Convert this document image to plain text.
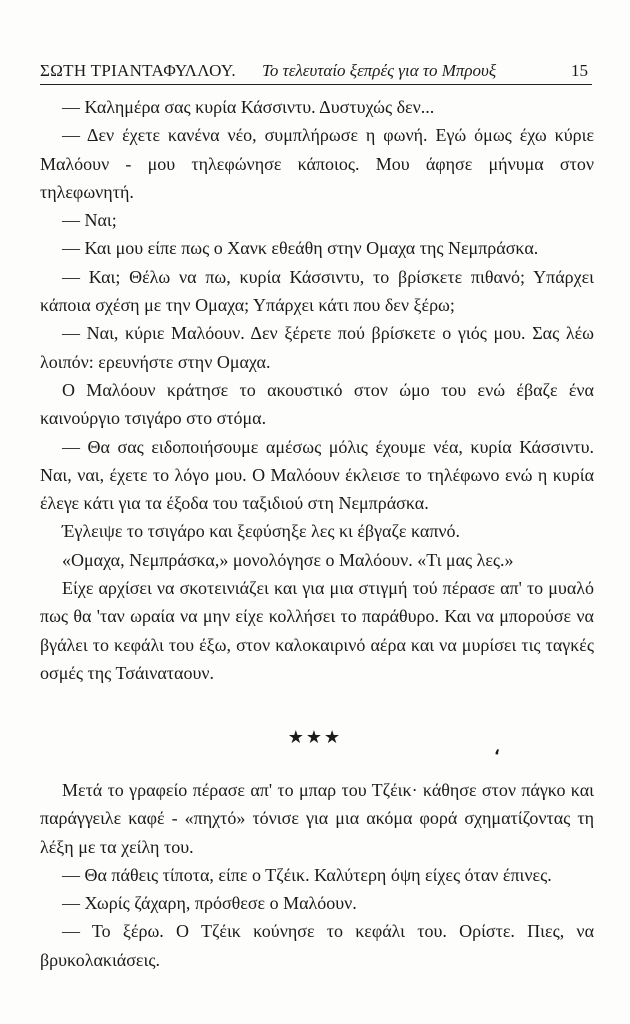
ΣΩΤΗ ΤΡΙΑΝΤΑΦΥΛΛΟΥ. Το τελευταίο ξεπρές για το Μπρουξ	15

— Καλημέρα σας κυρία Κάσσιντυ. Δυστυχώς δεν...

— Δεν έχετε κανένα νέο, συμπλήρωσε η φωνή. Εγώ όμως έχω κύριε Μαλόουν - μου τηλεφώνησε κάποιος. Μου άφησε μήνυμα στον τηλεφωνητή.

— Ναι;

— Και μου είπε πως ο Χανκ εθεάθη στην Ομαχα της Νεμπράσκα.

— Και; Θέλω να πω, κυρία Κάσσιντυ, το βρίσκετε πιθανό; Υπάρχει κάποια σχέση με την Ομαχα; Υπάρχει κάτι που δεν ξέρω;

— Ναι, κύριε Μαλόουν. Δεν ξέρετε πού βρίσκετε ο γιός μου. Σας λέω λοιπόν: ερευνήστε στην Ομαχα.

Ο Μαλόουν κράτησε το ακουστικό στον ώμο του ενώ έβαζε ένα καινούργιο τσιγάρο στο στόμα.

— Θα σας ειδοποιήσουμε αμέσως μόλις έχουμε νέα, κυρία Κάσσιντυ. Ναι, ναι, έχετε το λόγο μου. Ο Μαλόουν έκλεισε το τηλέφωνο ενώ η κυρία έλεγε κάτι για τα έξοδα του ταξιδιού στη Νεμπράσκα.

Έγλειψε το τσιγάρο και ξεφύσηξε λες κι έβγαζε καπνό.

«Ομαχα, Νεμπράσκα,» μονολόγησε ο Μαλόουν. «Τι μας λες.»

Είχε αρχίσει να σκοτεινιάζει και για μια στιγμή τού πέρασε απ' το μυαλό πως θα 'ταν ωραία να μην είχε κολλήσει το παράθυρο. Και να μπορούσε να βγάλει το κεφάλι του έξω, στον καλοκαιρινό αέρα και να μυρίσει τις ταγκές οσμές της Τσάιναταουν.

★★★	،

Μετά το γραφείο πέρασε απ' το μπαρ του Τζέικ· κάθησε στον πάγκο και παράγγειλε καφέ - «πηχτό» τόνισε για μια ακόμα φορά σχηματίζοντας τη λέξη με τα χείλη του.

— Θα πάθεις τίποτα, είπε ο Τζέικ. Καλύτερη όψη είχες όταν έπινες.

— Χωρίς ζάχαρη, πρόσθεσε ο Μαλόουν.

— Το ξέρω. Ο Τζέικ κούνησε το κεφάλι του. Ορίστε. Πιες, να βρυκολακιάσεις.
